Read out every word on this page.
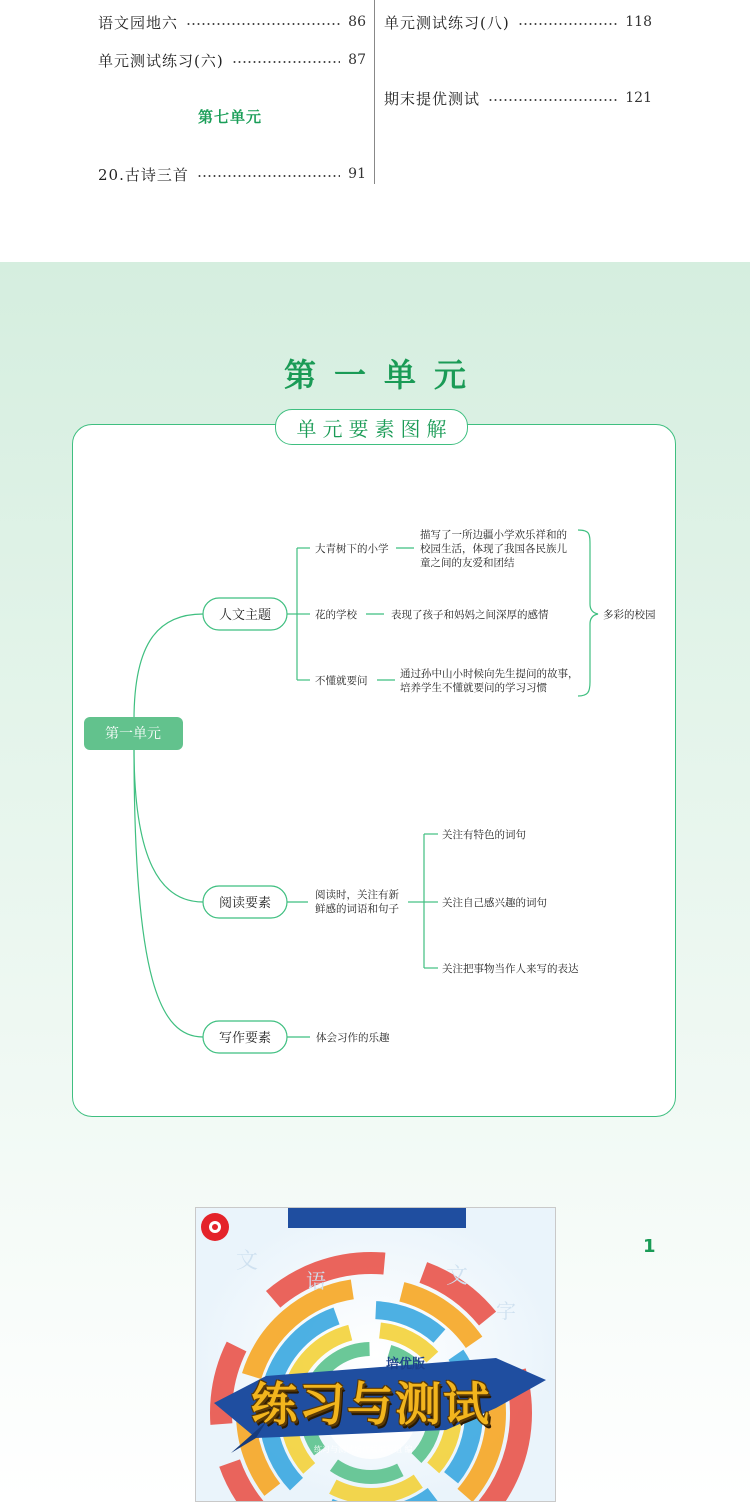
语文园地六	86
单元测试练习(六)	87
第七单元
20.古诗三首	91
单元测试练习(八)	118
期末提优测试	121
第一单元
单元要素图解
第一单元
人文主题
阅读要素
写作要素
大青树下的小学
描写了一所边疆小学欢乐祥和的
校园生活，体现了我国各民族儿
童之间的友爱和团结
花的学校	表现了孩子和妈妈之间深厚的感情
不懂就要问
通过孙中山小时候向先生提问的故事，
培养学生不懂就要问的学习习惯
多彩的校园
阅读时，关注有新
鲜感的词语和句子
关注有特色的词句
关注自己感兴趣的词句
关注把事物当作人来写的表达
体会习作的乐趣
文
语	文
字
培优版
练习与测试
练习与测试培优版编写组 编
1
